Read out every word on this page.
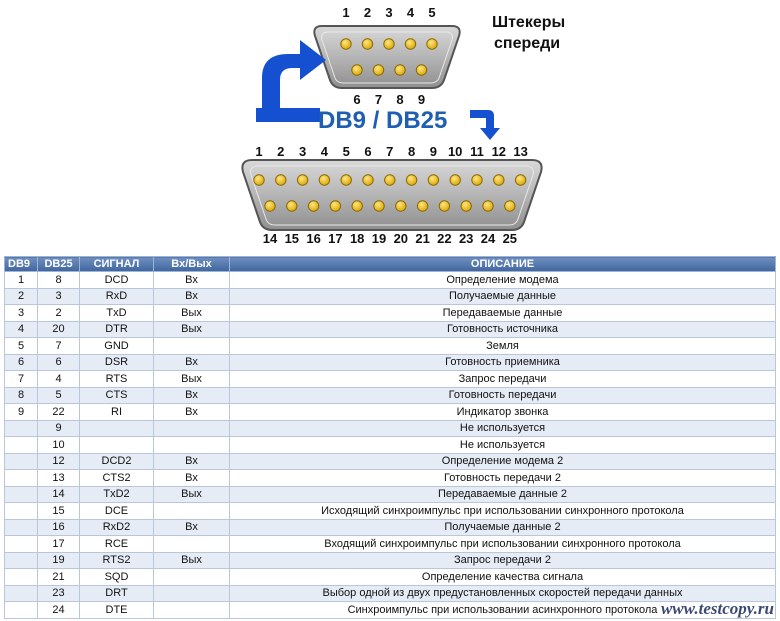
1 2 3 4 5
6 7 8 9
DB9 / DB25
Штекеры
спереди
1 2 3 4 5 6 7 8 9 10 11 12 13
14 15 16 17 18 19 20 21 22 23 24 25
DB9	DB25	СИГНАЛ	Вх/Вых	ОПИСАНИЕ
1	8	DCD	Вх	Определение модема
2	3	RxD	Вх	Получаемые данные
3	2	TxD	Вых	Передаваемые данные
4	20	DTR	Вых	Готовность источника
5	7	GND		Земля
6	6	DSR	Вх	Готовность приемника
7	4	RTS	Вых	Запрос передачи
8	5	CTS	Вх	Готовность передачи
9	22	RI	Вх	Индикатор звонка
	9			Не используется
	10			Не используется
	12	DCD2	Вх	Определение модема 2
	13	CTS2	Вх	Готовность передачи 2
	14	TxD2	Вых	Передаваемые данные 2
	15	DCE		Исходящий синхроимпульс при использовании синхронного протокола
	16	RxD2	Вх	Получаемые данные 2
	17	RCE		Входящий синхроимпульс при использовании синхронного протокола
	19	RTS2	Вых	Запрос передачи 2
	21	SQD		Определение качества сигнала
	23	DRT		Выбор одной из двух предустановленных скоростей передачи данных
	24	DTE		Синхроимпульс при использовании асинхронного протокола www.testcopy.ru
